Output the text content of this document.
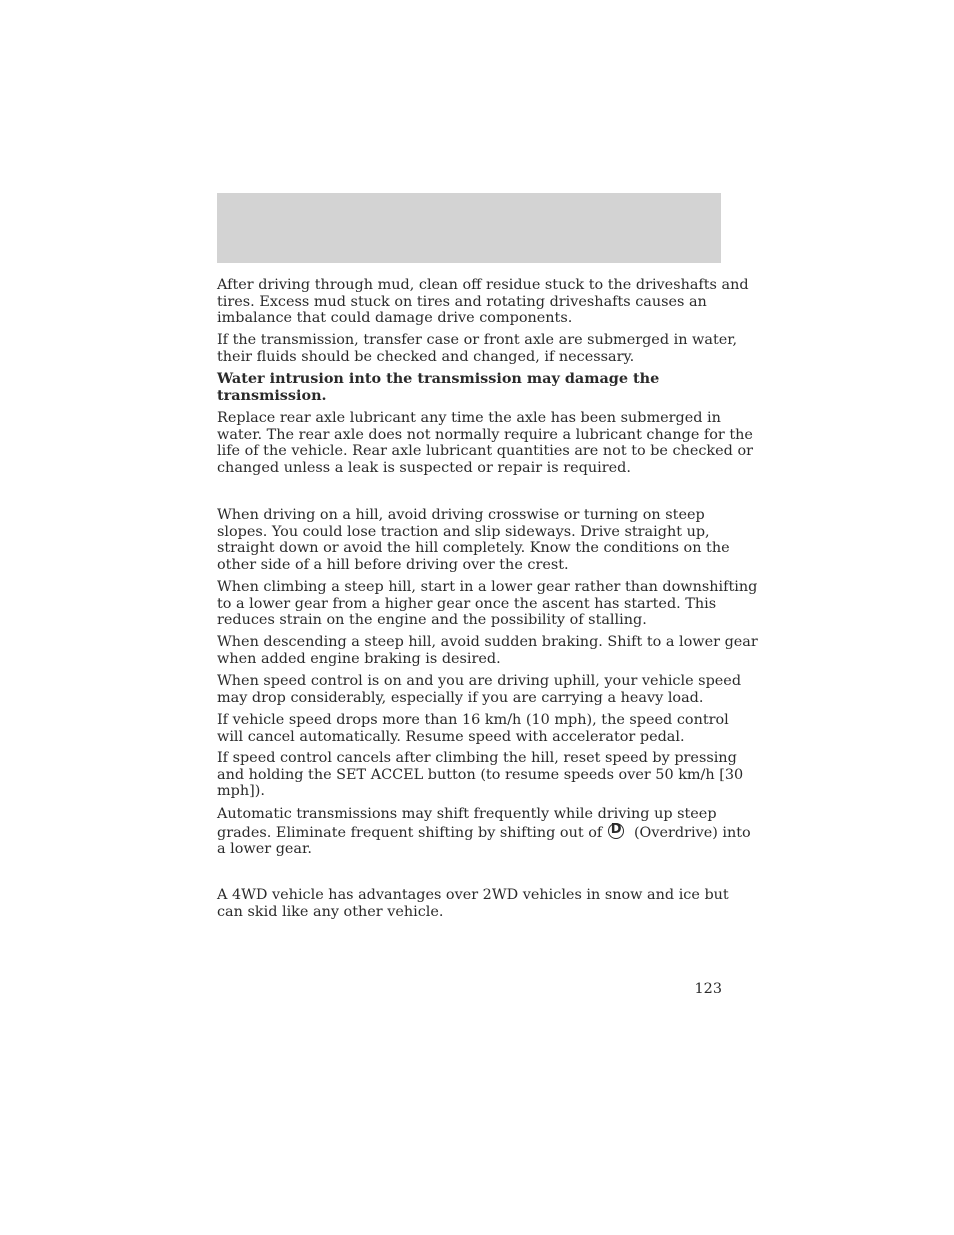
After driving through mud, clean off residue stuck to the driveshafts and
tires. Excess mud stuck on tires and rotating driveshafts causes an
imbalance that could damage drive components.

If the transmission, transfer case or front axle are submerged in water,
their fluids should be checked and changed, if necessary.

Water intrusion into the transmission may damage the
transmission.

Replace rear axle lubricant any time the axle has been submerged in
water. The rear axle does not normally require a lubricant change for the
life of the vehicle. Rear axle lubricant quantities are not to be checked or
changed unless a leak is suspected or repair is required.

When driving on a hill, avoid driving crosswise or turning on steep
slopes. You could lose traction and slip sideways. Drive straight up,
straight down or avoid the hill completely. Know the conditions on the
other side of a hill before driving over the crest.

When climbing a steep hill, start in a lower gear rather than downshifting
to a lower gear from a higher gear once the ascent has started. This
reduces strain on the engine and the possibility of stalling.

When descending a steep hill, avoid sudden braking. Shift to a lower gear
when added engine braking is desired.

When speed control is on and you are driving uphill, your vehicle speed
may drop considerably, especially if you are carrying a heavy load.

If vehicle speed drops more than 16 km/h (10 mph), the speed control
will cancel automatically. Resume speed with accelerator pedal.

If speed control cancels after climbing the hill, reset speed by pressing
and holding the SET ACCEL button (to resume speeds over 50 km/h [30
mph]).

Automatic transmissions may shift frequently while driving up steep
grades. Eliminate frequent shifting by shifting out of D (Overdrive) into
a lower gear.

A 4WD vehicle has advantages over 2WD vehicles in snow and ice but
can skid like any other vehicle.

123
